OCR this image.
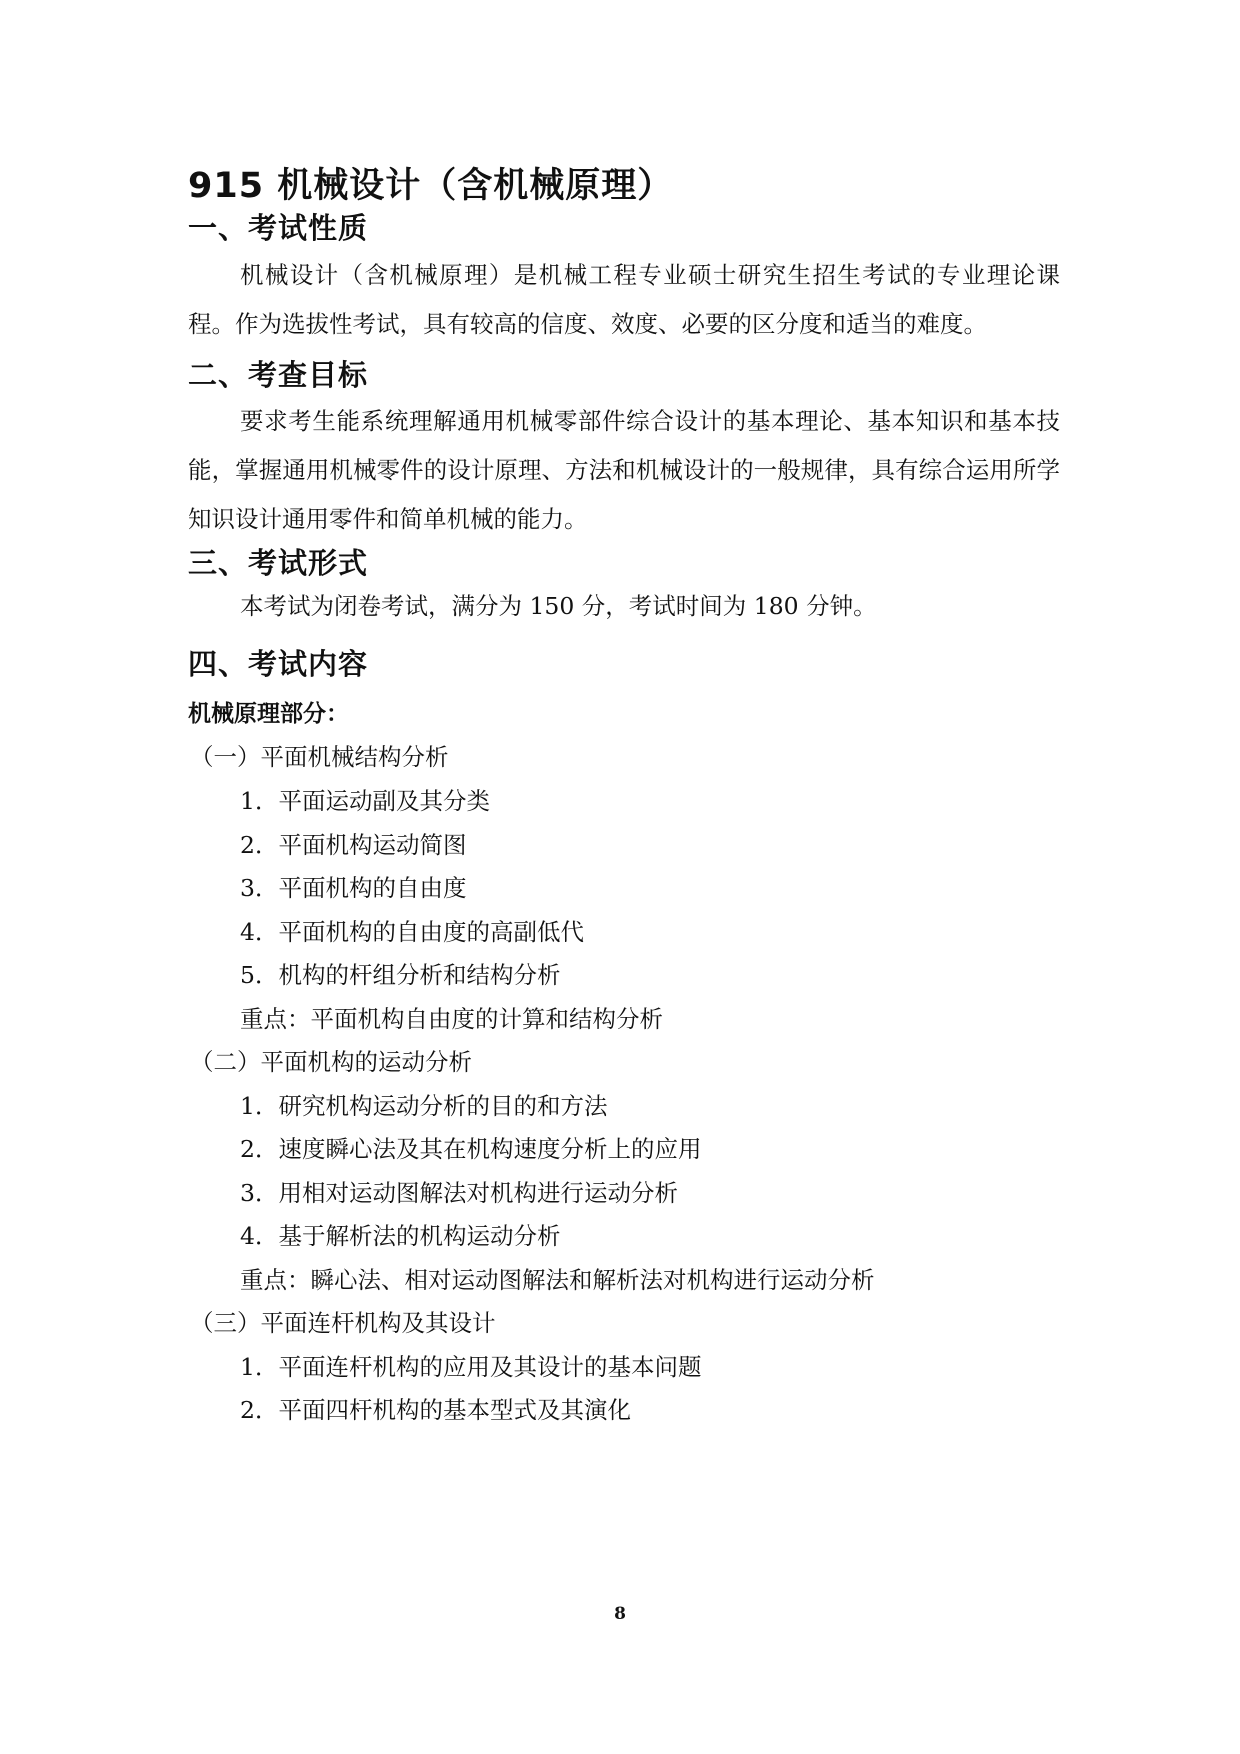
915 机械设计（含机械原理）
一、考试性质
机械设计（含机械原理）是机械工程专业硕士研究生招生考试的专业理论课程。作为选拔性考试，具有较高的信度、效度、必要的区分度和适当的难度。
二、考查目标
要求考生能系统理解通用机械零部件综合设计的基本理论、基本知识和基本技能，掌握通用机械零件的设计原理、方法和机械设计的一般规律，具有综合运用所学知识设计通用零件和简单机械的能力。
三、考试形式
本考试为闭卷考试，满分为 150 分，考试时间为 180 分钟。
四、考试内容
机械原理部分：
（一）平面机械结构分析
1．平面运动副及其分类
2．平面机构运动简图
3．平面机构的自由度
4．平面机构的自由度的高副低代
5．机构的杆组分析和结构分析
重点：平面机构自由度的计算和结构分析
（二）平面机构的运动分析
1．研究机构运动分析的目的和方法
2．速度瞬心法及其在机构速度分析上的应用
3．用相对运动图解法对机构进行运动分析
4．基于解析法的机构运动分析
重点：瞬心法、相对运动图解法和解析法对机构进行运动分析
（三）平面连杆机构及其设计
1．平面连杆机构的应用及其设计的基本问题
2．平面四杆机构的基本型式及其演化
8
